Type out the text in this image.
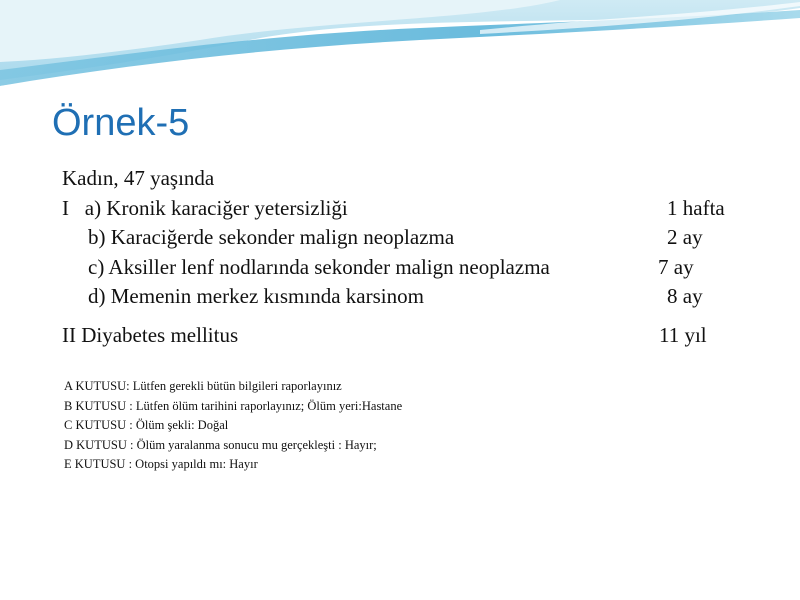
Örnek-5
Kadın, 47 yaşında
I   a) Kronik karaciğer yetersizliği	1 hafta
b) Karaciğerde sekonder malign neoplazma	2 ay
c) Aksiller lenf nodlarında sekonder malign neoplazma	7 ay
d) Memenin merkez kısmında karsinom	8 ay
II Diyabetes mellitus	11 yıl
A KUTUSU: Lütfen gerekli bütün bilgileri raporlayınız
B KUTUSU : Lütfen ölüm tarihini raporlayınız; Ölüm yeri:Hastane
C KUTUSU : Ölüm şekli: Doğal
D KUTUSU : Ölüm yaralanma sonucu mu gerçekleşti : Hayır;
E KUTUSU : Otopsi yapıldı mı: Hayır
